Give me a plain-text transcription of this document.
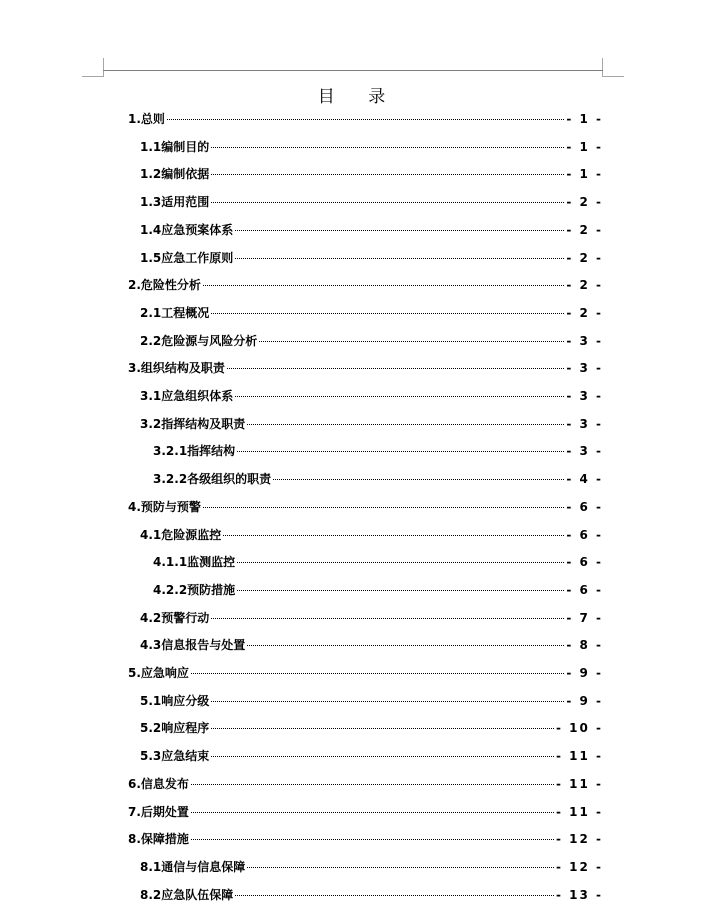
目 录
1.总则	- 1 -
1.1编制目的	- 1 -
1.2编制依据	- 1 -
1.3适用范围	- 2 -
1.4应急预案体系	- 2 -
1.5应急工作原则	- 2 -
2.危险性分析	- 2 -
2.1工程概况	- 2 -
2.2危险源与风险分析	- 3 -
3.组织结构及职责	- 3 -
3.1应急组织体系	- 3 -
3.2指挥结构及职责	- 3 -
3.2.1指挥结构	- 3 -
3.2.2各级组织的职责	- 4 -
4.预防与预警	- 6 -
4.1危险源监控	- 6 -
4.1.1监测监控	- 6 -
4.2.2预防措施	- 6 -
4.2预警行动	- 7 -
4.3信息报告与处置	- 8 -
5.应急响应	- 9 -
5.1响应分级	- 9 -
5.2响应程序	- 10 -
5.3应急结束	- 11 -
6.信息发布	- 11 -
7.后期处置	- 11 -
8.保障措施	- 12 -
8.1通信与信息保障	- 12 -
8.2应急队伍保障	- 13 -
